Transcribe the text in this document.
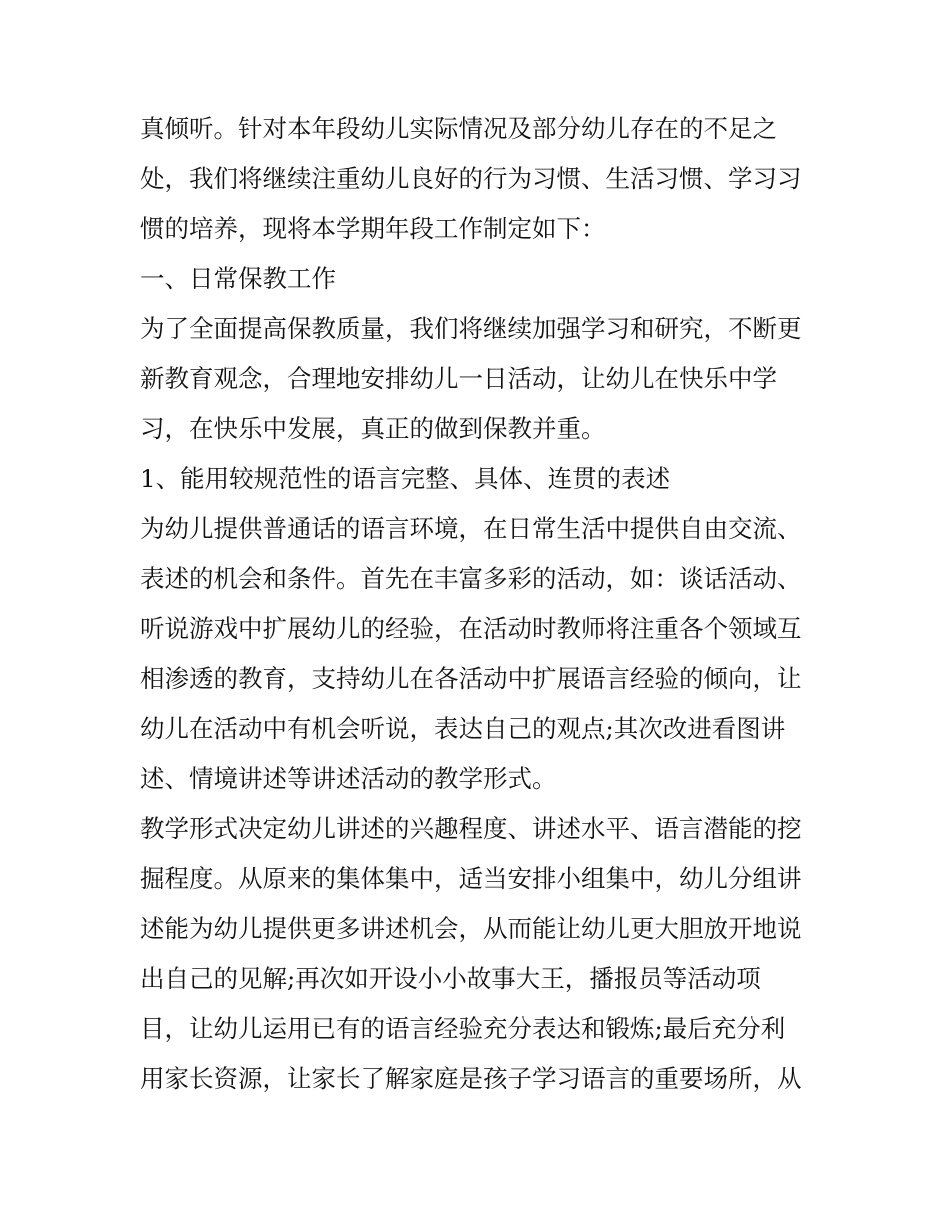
真倾听。针对本年段幼儿实际情况及部分幼儿存在的不足之
处，我们将继续注重幼儿良好的行为习惯、生活习惯、学习习
惯的培养，现将本学期年段工作制定如下：
一、日常保教工作
为了全面提高保教质量，我们将继续加强学习和研究，不断更
新教育观念，合理地安排幼儿一日活动，让幼儿在快乐中学
习，在快乐中发展，真正的做到保教并重。
1、能用较规范性的语言完整、具体、连贯的表述
为幼儿提供普通话的语言环境，在日常生活中提供自由交流、
表述的机会和条件。首先在丰富多彩的活动，如：谈话活动、
听说游戏中扩展幼儿的经验，在活动时教师将注重各个领域互
相渗透的教育，支持幼儿在各活动中扩展语言经验的倾向，让
幼儿在活动中有机会听说，表达自己的观点;其次改进看图讲
述、情境讲述等讲述活动的教学形式。
教学形式决定幼儿讲述的兴趣程度、讲述水平、语言潜能的挖
掘程度。从原来的集体集中，适当安排小组集中，幼儿分组讲
述能为幼儿提供更多讲述机会，从而能让幼儿更大胆放开地说
出自己的见解;再次如开设小小故事大王，播报员等活动项
目，让幼儿运用已有的语言经验充分表达和锻炼;最后充分利
用家长资源，让家长了解家庭是孩子学习语言的重要场所，从
